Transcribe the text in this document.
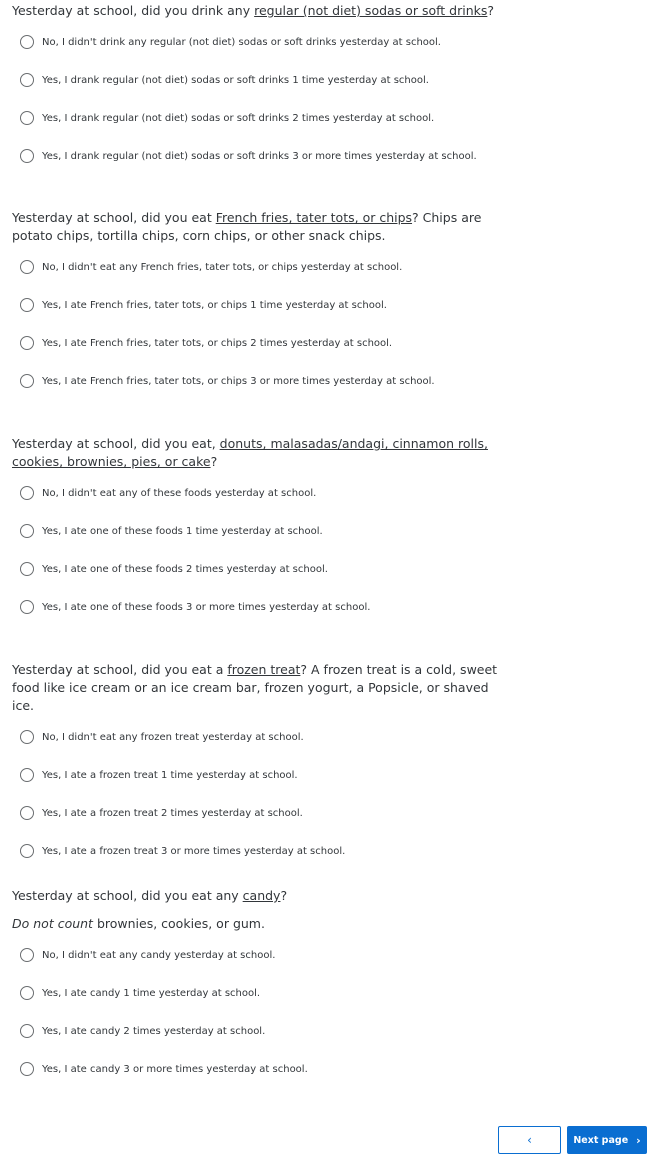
Yesterday at school, did you drink any regular (not diet) sodas or soft drinks?

No, I didn't drink any regular (not diet) sodas or soft drinks yesterday at school.
Yes, I drank regular (not diet) sodas or soft drinks 1 time yesterday at school.
Yes, I drank regular (not diet) sodas or soft drinks 2 times yesterday at school.
Yes, I drank regular (not diet) sodas or soft drinks 3 or more times yesterday at school.

Yesterday at school, did you eat French fries, tater tots, or chips? Chips are potato chips, tortilla chips, corn chips, or other snack chips.

No, I didn't eat any French fries, tater tots, or chips yesterday at school.
Yes, I ate French fries, tater tots, or chips 1 time yesterday at school.
Yes, I ate French fries, tater tots, or chips 2 times yesterday at school.
Yes, I ate French fries, tater tots, or chips 3 or more times yesterday at school.

Yesterday at school, did you eat, donuts, malasadas/andagi, cinnamon rolls, cookies, brownies, pies, or cake?

No, I didn't eat any of these foods yesterday at school.
Yes, I ate one of these foods 1 time yesterday at school.
Yes, I ate one of these foods 2 times yesterday at school.
Yes, I ate one of these foods 3 or more times yesterday at school.

Yesterday at school, did you eat a frozen treat? A frozen treat is a cold, sweet food like ice cream or an ice cream bar, frozen yogurt, a Popsicle, or shaved ice.

No, I didn't eat any frozen treat yesterday at school.
Yes, I ate a frozen treat 1 time yesterday at school.
Yes, I ate a frozen treat 2 times yesterday at school.
Yes, I ate a frozen treat 3 or more times yesterday at school.

Yesterday at school, did you eat any candy?

Do not count brownies, cookies, or gum.

No, I didn't eat any candy yesterday at school.
Yes, I ate candy 1 time yesterday at school.
Yes, I ate candy 2 times yesterday at school.
Yes, I ate candy 3 or more times yesterday at school.
‹	Next page ›
